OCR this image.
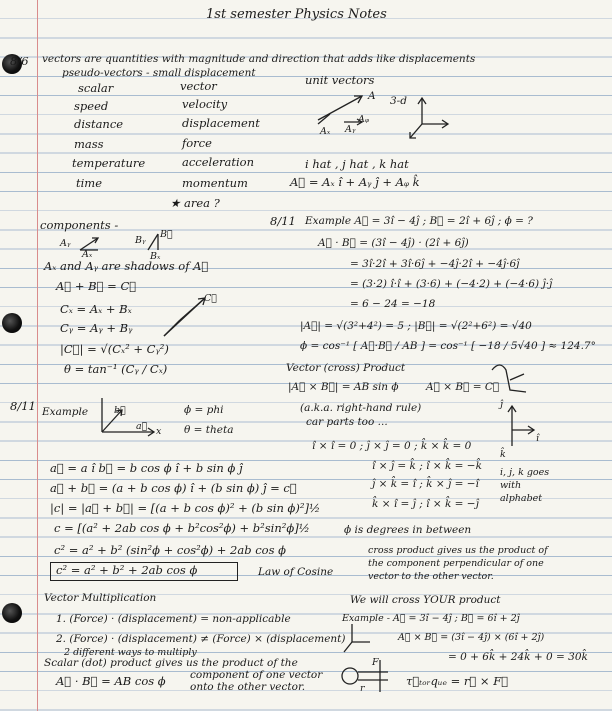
1st semester Physics Notes
8/6 vectors are quantities with magnitude and direction that adds like displacements
pseudo-vectors - small displacement
scalar	vector
speed	velocity
distance	displacement
mass	force
temperature	acceleration
time	momentum
★ area ?
unit vectors
A 3-d
Aₓ Aᵧ
Aᵩ
i hat , j hat , k hat
A⃗ = Aₓ î + Aᵧ ĵ + Aᵩ k̂
components -
Aᵧ
Aₓ
Bᵧ
B⃗
Bₓ
Aₓ and Aᵧ are shadows of A⃗
A⃗ + B⃗ = C⃗
Cₓ = Aₓ + Bₓ
Cᵧ = Aᵧ + Bᵧ
|C⃗| = √(Cₓ² + Cᵧ²)
θ = tan⁻¹ (Cᵧ / Cₓ)
C⃗
8/11 Example A⃗ = 3î − 4ĵ ; B⃗ = 2î + 6ĵ ; ϕ = ?
A⃗ · B⃗ = (3î − 4ĵ) · (2î + 6ĵ)
= 3î·2î + 3î·6ĵ + −4ĵ·2î + −4ĵ·6ĵ
= (3·2) î·î + (3·6) + (−4·2) + (−4·6) ĵ·ĵ
= 6 − 24 = −18
|A⃗| = √(3²+4²) = 5 ; |B⃗| = √(2²+6²) = √40
ϕ = cos⁻¹ [ A⃗·B⃗ / AB ] = cos⁻¹ [ −18 / 5√40 ] ≈ 124.7°
Vector (cross) Product
|A⃗ × B⃗| = AB sin ϕ	A⃗ × B⃗ = C⃗
(a.k.a. right-hand rule)
car parts too ...
ĵ
î
k̂
î × î = 0 ; ĵ × ĵ = 0 ; k̂ × k̂ = 0
î × ĵ = k̂ ; î × k̂ = −k̂
ĵ × k̂ = î ; k̂ × ĵ = −î
k̂ × î = ĵ ; î × k̂ = −ĵ
i, j, k goes with alphabet
8/11 Example	b⃗
a⃗ x
ϕ = phi
θ = theta
a⃗ = a î b⃗ = b cos ϕ î + b sin ϕ ĵ
a⃗ + b⃗ = (a + b cos ϕ) î + (b sin ϕ) ĵ = c⃗
|c| = |a⃗ + b⃗| = [(a + b cos ϕ)² + (b sin ϕ)²]½
c = [(a² + 2ab cos ϕ + b²cos²ϕ) + b²sin²ϕ]½
c² = a² + b² (sin²ϕ + cos²ϕ) + 2ab cos ϕ
c² = a² + b² + 2ab cos ϕ	Law of Cosine
ϕ is degrees in between
cross product gives us the product of the component perpendicular of one vector to the other vector.
Vector Multiplication
1. (Force) · (displacement) = non-applicable
2. (Force) · (displacement) ≠ (Force) × (displacement)
2 different ways to multiply
Scalar (dot) product gives us the product of the
component of one vector
onto the other vector.
A⃗ · B⃗ = AB cos ϕ
We will cross YOUR product
Example - A⃗ = 3î − 4ĵ ; B⃗ = 6î + 2ĵ
A⃗ × B⃗ = (3î − 4ĵ) × (6î + 2ĵ)
= 0 + 6k̂ + 24k̂ + 0 = 30k̂
F
r
τ⃗ₜₒᵣqᵤₑ = r⃗ × F⃗
